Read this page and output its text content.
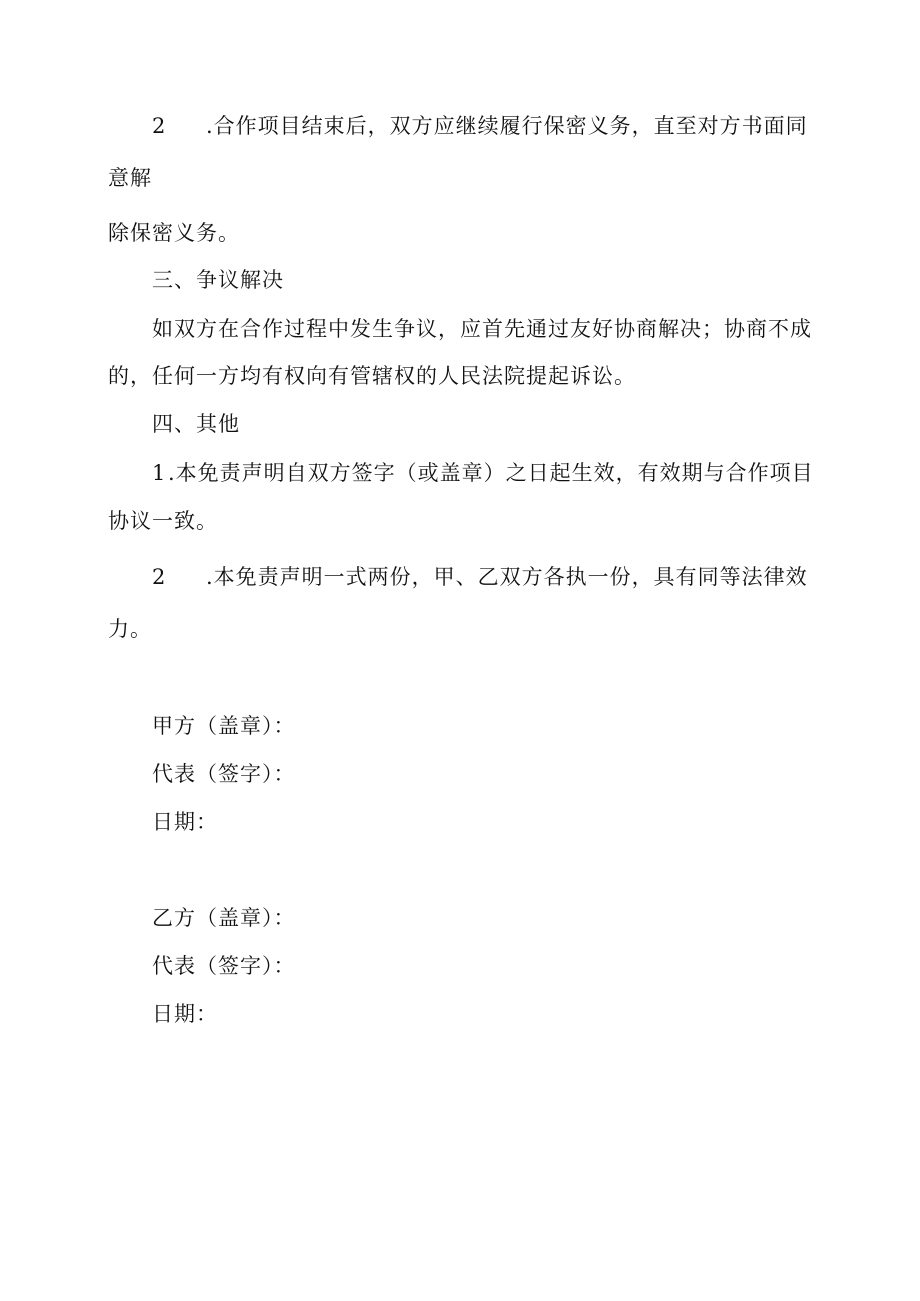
2 .合作项目结束后，双方应继续履行保密义务，直至对方书面同
意解
除保密义务。
三、争议解决
如双方在合作过程中发生争议，应首先通过友好协商解决；协商不成
的，任何一方均有权向有管辖权的人民法院提起诉讼。
四、其他
1.本免责声明自双方签字（或盖章）之日起生效，有效期与合作项目
协议一致。
2 .本免责声明一式两份，甲、乙双方各执一份，具有同等法律效
力。
甲方（盖章）：
代表（签字）：
日期：
乙方（盖章）：
代表（签字）：
日期：
